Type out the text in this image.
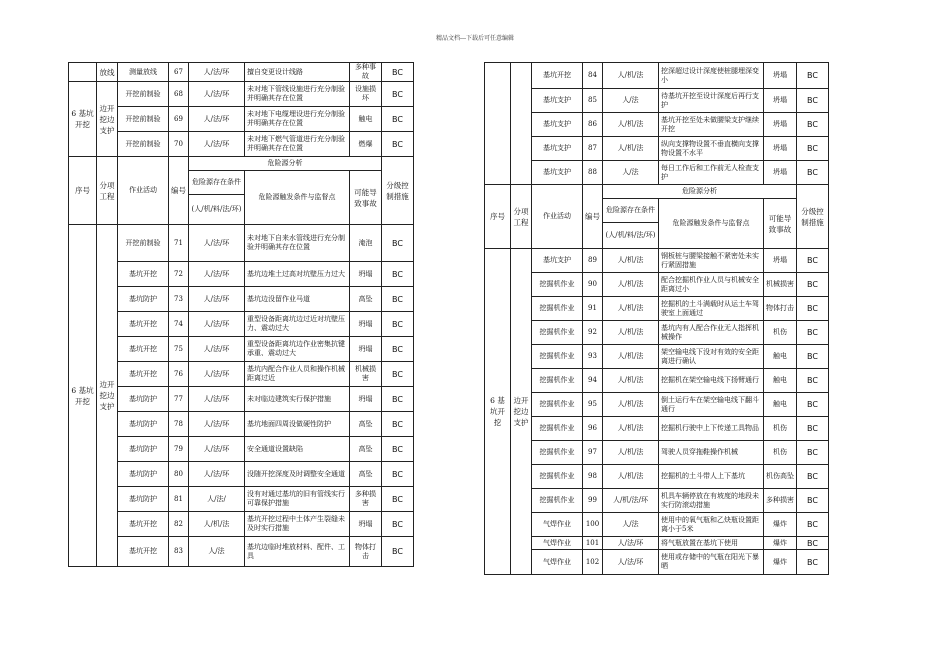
精品文档---下载后可任意编辑
	放线	测量放线	67	人/法/环	擅自变更设计线路	多种事故	BC
6 基坑开挖	边开挖边支护	开挖前制验	68	人/法/环	未对地下管线设施进行充分制验并明确其存在位置	设施损坏	BC
		开挖前制验	69	人/法/环	未对地下电缆埋设进行充分制验并明确其存在位置	触电	BC
		开挖前制验	70	人/法/环	未对地下燃气管道进行充分制验并明确其存在位置	燃爆	BC
序号	分项工程	作业活动	编号	危险源分析			分级控制措施
				危险源存在条件	危险源触发条件与监督点	可能导致事故	
				(人/机/料/法/环)			
6 基坑开挖	边开挖边支护	开挖前制验	71	人/法/环	未对地下自来水管线进行充分制验并明确其存在位置	淹泡	BC
		基坑开挖	72	人/法/环	基坑边堆土过高对坑壁压力过大	坍塌	BC
		基坑防护	73	人/法/环	基坑边没留作业马道	高坠	BC
		基坑开挖	74	人/法/环	重型设备距离坑边过近对坑壁压力、震动过大	坍塌	BC
		基坑开挖	75	人/法/环	重型设备距离坑边作业密集抗键承重、震动过大	坍塌	BC
		基坑开挖	76	人/法/环	基坑内配合作业人员和操作机械距离过近	机械损害	BC
		基坑防护	77	人/法/环	未对临边建筑实行保护措施	坍塌	BC
		基坑防护	78	人/法/环	基坑地面四周没做硬性防护	高坠	BC
		基坑防护	79	人/法/环	安全通道设置缺陷	高坠	BC
		基坑防护	80	人/法/环	没随开挖深度及时调整安全通道	高坠	BC
		基坑防护	81	人/法/	没有对通过基坑的旧有管线实行可靠保护措施	多种损害	BC
		基坑开挖	82	人/机/法	基坑开挖过程中土体产生裂缝未及时实行措施	坍塌	BC
		基坑开挖	83	人/法	基坑边临时堆放材料、配件、工具	物体打击	BC
		基坑开挖	84	人/机/法	挖深超过设计深度使桩腿埋深变小	坍塌	BC
		基坑支护	85	人/法	待基坑开挖至设计深度后再行支护	坍塌	BC
		基坑支护	86	人/机/法	基坑开挖至处未做腰梁支护继续开挖	坍塌	BC
		基坑支护	87	人/机/法	纵向支撑物设置不垂直横向支撑物设置不水平	坍塌	BC
		基坑支护	88	人/法	每日工作后和工作前无人检查支护	坍塌	BC
序号	分项工程	作业活动	编号	危险源分析			分级控制措施
				危险源存在条件	危险源触发条件与监督点	可能导致事故	
				(人/机/料/法/环)			
6 基坑开挖	边开挖边支护	基坑支护	89	人/机/法	钢板桩与腰梁接触不紧密处未实行紧固措施	坍塌	BC
		挖掘机作业	90	人/机/法	配合挖掘机作业人员与机械安全距离过小	机械损害	BC
		挖掘机作业	91	人/机/法	挖掘机的土斗满载时从运土车驾驶室上面通过	物体打击	BC
		挖掘机作业	92	人/机/法	基坑内有人配合作业无人指挥机械操作	机伤	BC
		挖掘机作业	93	人/机/法	架空输电线下没对有效的安全距离进行确认	触电	BC
		挖掘机作业	94	人/机/法	挖掘机在架空输电线下扬臂通行	触电	BC
		挖掘机作业	95	人/机/法	倒土运行车在架空输电线下翻斗通行	触电	BC
		挖掘机作业	96	人/机/法	挖掘机行驶中上下传递工具物品	机伤	BC
		挖掘机作业	97	人/机/法	驾驶人员穿拖鞋操作机械	机伤	BC
		挖掘机作业	98	人/机/法	挖掘机的土斗带人上下基坑	机伤高坠	BC
		挖掘机作业	99	人/机/法/环	机具车辆停放在有坡度的地段未实行防滚动措施	多种损害	BC
		气焊作业	100	人/法	使用中的氧气瓶和乙炔瓶设置距离小于5米	爆炸	BC
		气焊作业	101	人/法/环	将气瓶放置在基坑下使用	爆炸	BC
		气焊作业	102	人/法/环	使用或存储中的气瓶在阳光下暴晒	爆炸	BC
